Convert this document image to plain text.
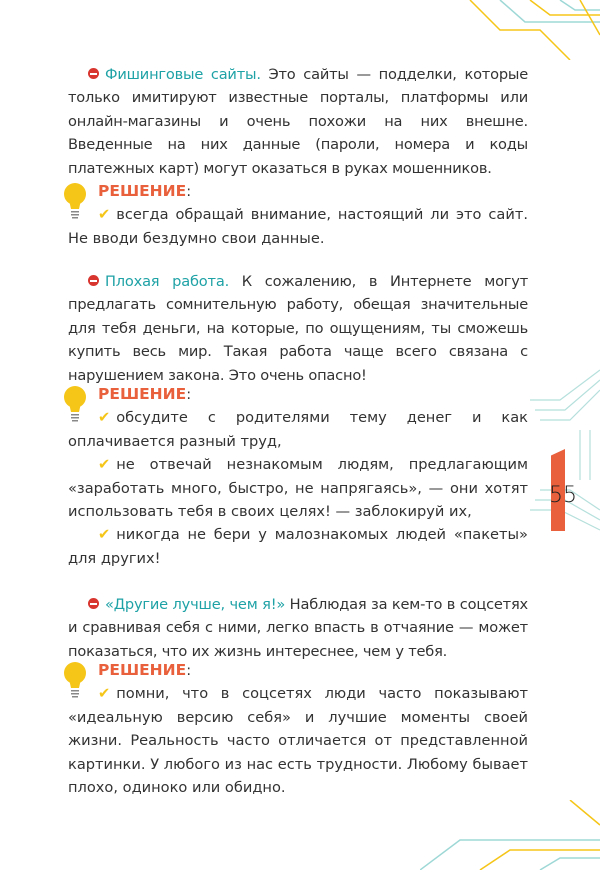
Фишинговые сайты. Это сайты — подделки, которые только имитируют известные порталы, платформы или онлайн-магазины и очень похожи на них внешне. Введенные на них данные (пароли, номера и коды платежных карт) могут оказаться в руках мошенников.
РЕШЕНИЕ:
✔ всегда обращай внимание, настоящий ли это сайт. Не вводи бездумно свои данные.
Плохая работа. К сожалению, в Интернете могут предлагать сомнительную работу, обещая значительные для тебя деньги, на которые, по ощущениям, ты сможешь купить весь мир. Такая работа чаще всего связана с нарушением закона. Это очень опасно!
РЕШЕНИЕ:
✔ обсудите с родителями тему денег и как оплачивается разный труд,
✔ не отвечай незнакомым людям, предлагающим «заработать много, быстро, не напрягаясь», — они хотят использовать тебя в своих целях! — заблокируй их,
✔ никогда не бери у малознакомых людей «пакеты» для других!
«Другие лучше, чем я!» Наблюдая за кем-то в соцсетях и сравнивая себя с ними, легко впасть в отчаяние — может показаться, что их жизнь интереснее, чем у тебя.
РЕШЕНИЕ:
✔ помни, что в соцсетях люди часто показывают «идеальную версию себя» и лучшие моменты своей жизни. Реальность часто отличается от представленной картинки. У любого из нас есть трудности. Любому бывает плохо, одиноко или обидно.
55
